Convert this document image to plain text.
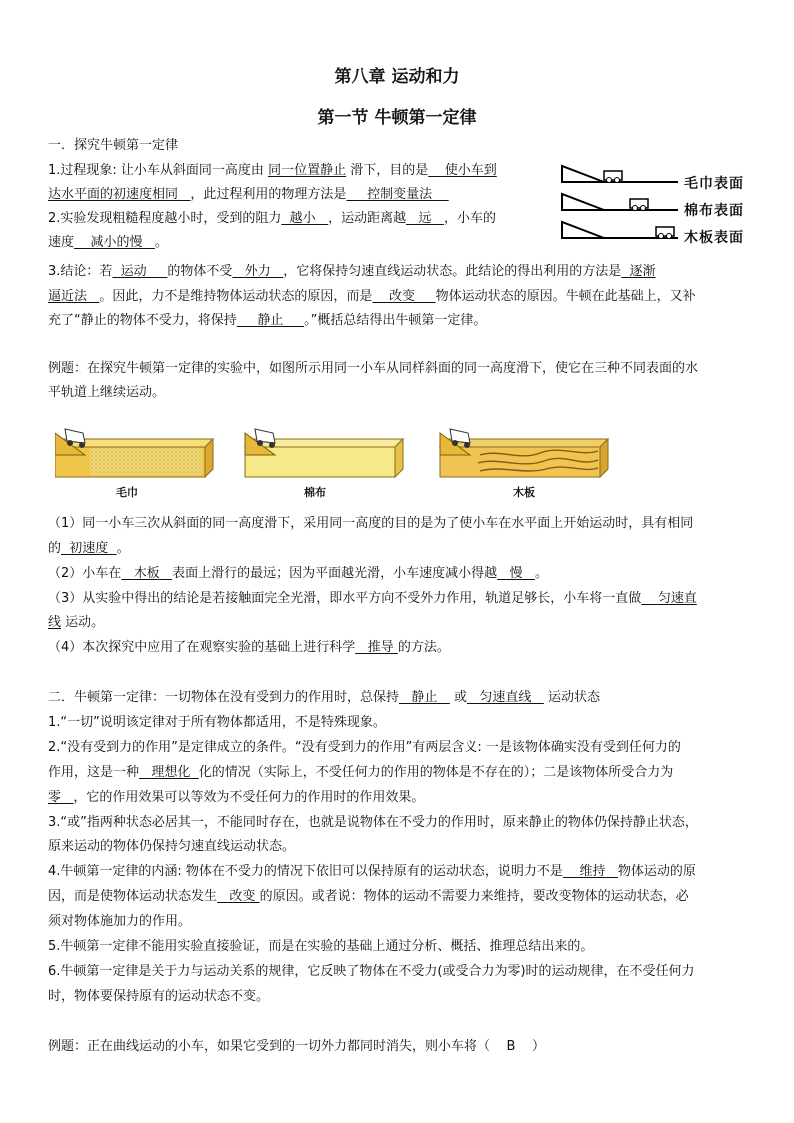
第八章 运动和力
第一节 牛顿第一定律
一．探究牛顿第一定律
1.过程现象: 让小车从斜面同一高度由 同一位置静止 滑下，目的是 使小车到
达水平面的初速度相同 ，此过程利用的物理方法是 控制变量法
2.实验发现粗糙程度越小时，受到的阻力 越小 ，运动距离越 远 ，小车的
速度 减小的慢 。
3.结论：若 运动 的物体不受 外力 ，它将保持匀速直线运动状态。此结论的得出利用的方法是 逐渐
逼近法 。因此，力不是维持物体运动状态的原因，而是 改变 物体运动状态的原因。牛顿在此基础上，又补
充了“静止的物体不受力，将保持 静止 。”概括总结得出牛顿第一定律。
毛巾表面
棉布表面
木板表面
例题：在探究牛顿第一定律的实验中，如图所示用同一小车从同样斜面的同一高度滑下，使它在三种不同表面的水
平轨道上继续运动。
毛巾	棉布	木板
（1）同一小车三次从斜面的同一高度滑下，采用同一高度的目的是为了使小车在水平面上开始运动时，具有相同
的 初速度 。
（2）小车在 木板 表面上滑行的最远；因为平面越光滑，小车速度减小得越 慢 。
（3）从实验中得出的结论是若接触面完全光滑，即水平方向不受外力作用，轨道足够长，小车将一直做 匀速直
线 运动。
（4）本次探究中应用了在观察实验的基础上进行科学 推导 的方法。
二．牛顿第一定律：一切物体在没有受到力的作用时，总保持 静止 或 匀速直线 运动状态
1.“一切”说明该定律对于所有物体都适用，不是特殊现象。
2.“没有受到力的作用”是定律成立的条件。“没有受到力的作用”有两层含义: 一是该物体确实没有受到任何力的
作用，这是一种 理想化 化的情况（实际上，不受任何力的作用的物体是不存在的）；二是该物体所受合力为
零 ，它的作用效果可以等效为不受任何力的作用时的作用效果。
3.“或”指两种状态必居其一，不能同时存在，也就是说物体在不受力的作用时，原来静止的物体仍保持静止状态，
原来运动的物体仍保持匀速直线运动状态。
4.牛顿第一定律的内涵: 物体在不受力的情况下依旧可以保持原有的运动状态，说明力不是 维持 物体运动的原
因，而是使物体运动状态发生 改变 的原因。或者说：物体的运动不需要力来维持，要改变物体的运动状态，必
须对物体施加力的作用。
5.牛顿第一定律不能用实验直接验证，而是在实验的基础上通过分析、概括、推理总结出来的。
6.牛顿第一定律是关于力与运动关系的规律，它反映了物体在不受力(或受合力为零)时的运动规律，在不受任何力
时，物体要保持原有的运动状态不变。
例题：正在曲线运动的小车，如果它受到的一切外力都同时消失，则小车将（ B ）
